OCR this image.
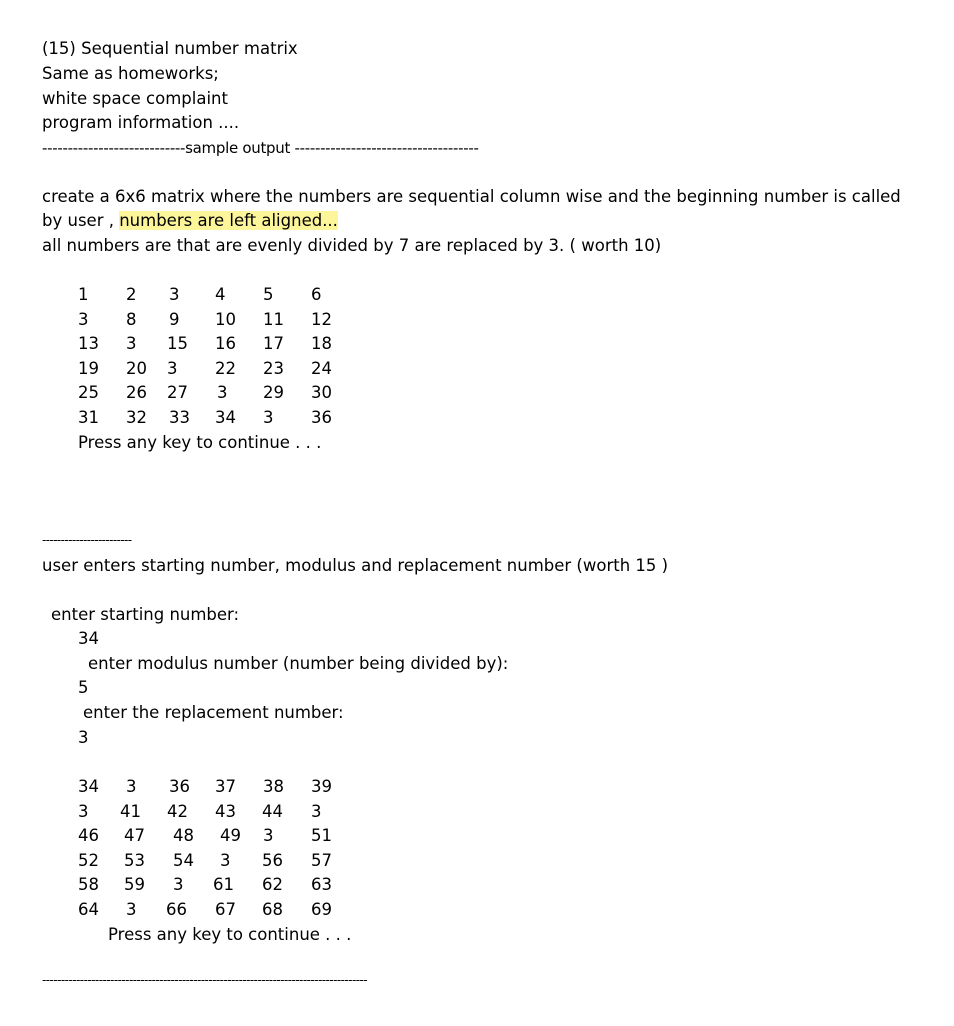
(15) Sequential number matrix
Same as homeworks;
white space complaint
program information ....
----------------------------sample output ------------------------------------
create a 6x6 matrix where the numbers are sequential column wise and the beginning number is called
by user , numbers are left aligned...
all numbers are that are evenly divided by 7 are replaced by 3. ( worth 10)
1 2 3 4 5 6
3 8 9 10 11 12
13 3 15 16 17 18
19 20 3 22 23 24
25 26 27 3 29 30
31 32 33 34 3 36
Press any key to continue . . .
------------------------
user enters starting number, modulus and replacement number (worth 15 )
enter starting number:
34
enter modulus number (number being divided by):
5
enter the replacement number:
3
34 3 36 37 38 39
3 41 42 43 44 3
46 47 48 49 3 51
52 53 54 3 56 57
58 59 3 61 62 63
64 3 66 67 68 69
Press any key to continue . . .
--------------------------------------------------------------------------------------
